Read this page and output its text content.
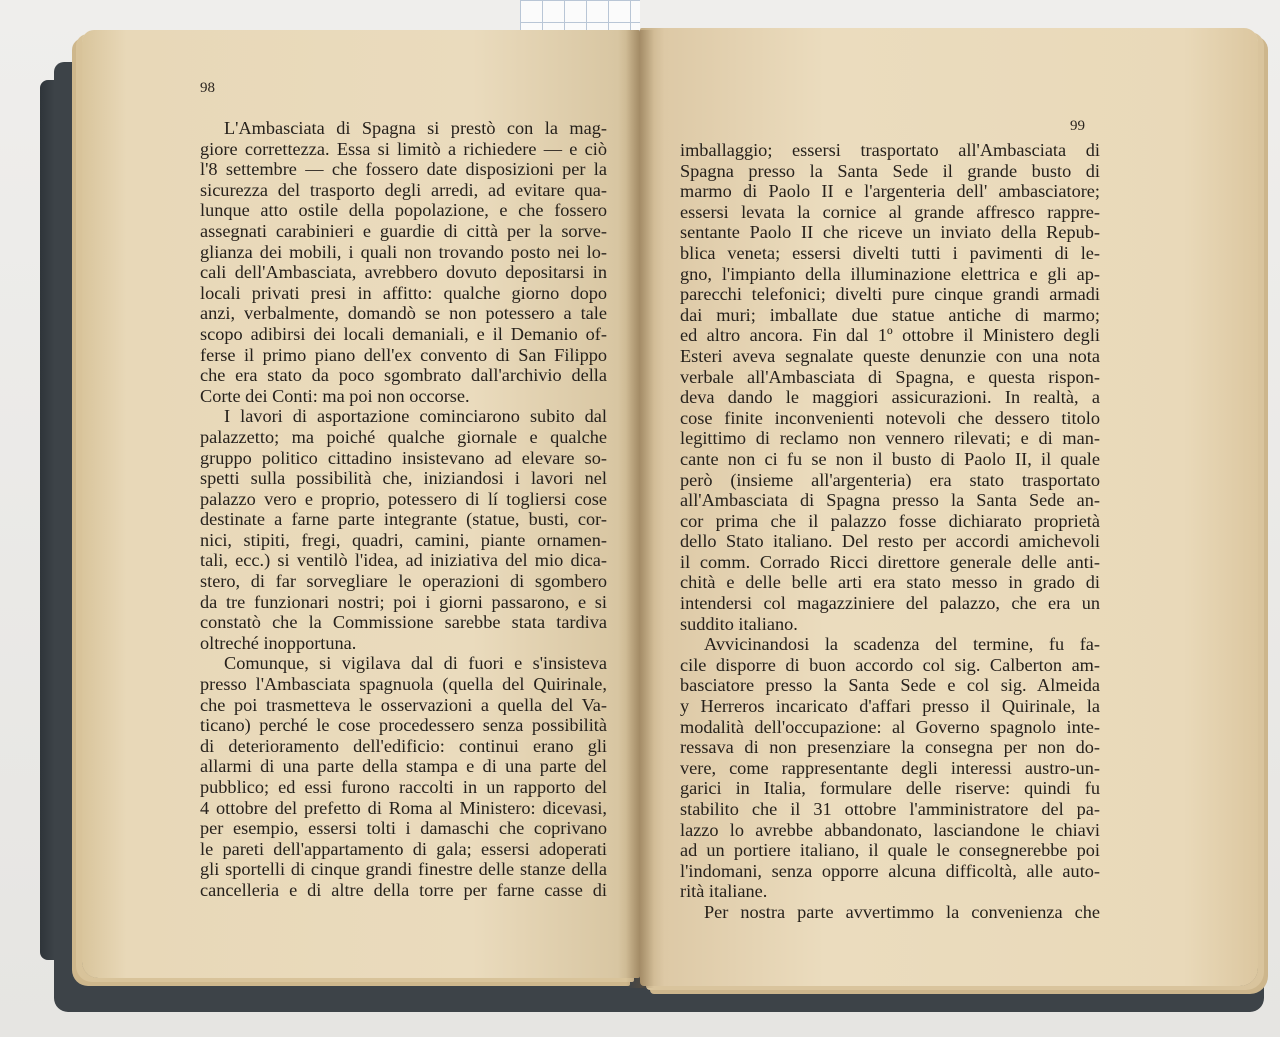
98
99
L'Ambasciata di Spagna si prestò con la mag-
giore correttezza. Essa si limitò a richiedere — e ciò
l'8 settembre — che fossero date disposizioni per la
sicurezza del trasporto degli arredi, ad evitare qua-
lunque atto ostile della popolazione, e che fossero
assegnati carabinieri e guardie di città per la sorve-
glianza dei mobili, i quali non trovando posto nei lo-
cali dell'Ambasciata, avrebbero dovuto depositarsi in
locali privati presi in affitto: qualche giorno dopo
anzi, verbalmente, domandò se non potessero a tale
scopo adibirsi dei locali demaniali, e il Demanio of-
ferse il primo piano dell'ex convento di San Filippo
che era stato da poco sgombrato dall'archivio della
Corte dei Conti: ma poi non occorse.
I lavori di asportazione cominciarono subito dal
palazzetto; ma poiché qualche giornale e qualche
gruppo politico cittadino insistevano ad elevare so-
spetti sulla possibilità che, iniziandosi i lavori nel
palazzo vero e proprio, potessero di lí togliersi cose
destinate a farne parte integrante (statue, busti, cor-
nici, stipiti, fregi, quadri, camini, piante ornamen-
tali, ecc.) si ventilò l'idea, ad iniziativa del mio dica-
stero, di far sorvegliare le operazioni di sgombero
da tre funzionari nostri; poi i giorni passarono, e si
constatò che la Commissione sarebbe stata tardiva
oltreché inopportuna.
Comunque, si vigilava dal di fuori e s'insisteva
presso l'Ambasciata spagnuola (quella del Quirinale,
che poi trasmetteva le osservazioni a quella del Va-
ticano) perché le cose procedessero senza possibilità
di deterioramento dell'edificio: continui erano gli
allarmi di una parte della stampa e di una parte del
pubblico; ed essi furono raccolti in un rapporto del
4 ottobre del prefetto di Roma al Ministero: dicevasi,
per esempio, essersi tolti i damaschi che coprivano
le pareti dell'appartamento di gala; essersi adoperati
gli sportelli di cinque grandi finestre delle stanze della
cancelleria e di altre della torre per farne casse di
imballaggio; essersi trasportato all'Ambasciata di
Spagna presso la Santa Sede il grande busto di
marmo di Paolo II e l'argenteria dell' ambasciatore;
essersi levata la cornice al grande affresco rappre-
sentante Paolo II che riceve un inviato della Repub-
blica veneta; essersi divelti tutti i pavimenti di le-
gno, l'impianto della illuminazione elettrica e gli ap-
parecchi telefonici; divelti pure cinque grandi armadi
dai muri; imballate due statue antiche di marmo;
ed altro ancora. Fin dal 1º ottobre il Ministero degli
Esteri aveva segnalate queste denunzie con una nota
verbale all'Ambasciata di Spagna, e questa rispon-
deva dando le maggiori assicurazioni. In realtà, a
cose finite inconvenienti notevoli che dessero titolo
legittimo di reclamo non vennero rilevati; e di man-
cante non ci fu se non il busto di Paolo II, il quale
però (insieme all'argenteria) era stato trasportato
all'Ambasciata di Spagna presso la Santa Sede an-
cor prima che il palazzo fosse dichiarato proprietà
dello Stato italiano. Del resto per accordi amichevoli
il comm. Corrado Ricci direttore generale delle anti-
chità e delle belle arti era stato messo in grado di
intendersi col magazziniere del palazzo, che era un
suddito italiano.
Avvicinandosi la scadenza del termine, fu fa-
cile disporre di buon accordo col sig. Calberton am-
basciatore presso la Santa Sede e col sig. Almeida
y Herreros incaricato d'affari presso il Quirinale, la
modalità dell'occupazione: al Governo spagnolo inte-
ressava di non presenziare la consegna per non do-
vere, come rappresentante degli interessi austro-un-
garici in Italia, formulare delle riserve: quindi fu
stabilito che il 31 ottobre l'amministratore del pa-
lazzo lo avrebbe abbandonato, lasciandone le chiavi
ad un portiere italiano, il quale le consegnerebbe poi
l'indomani, senza opporre alcuna difficoltà, alle auto-
rità italiane.
Per nostra parte avvertimmo la convenienza che
